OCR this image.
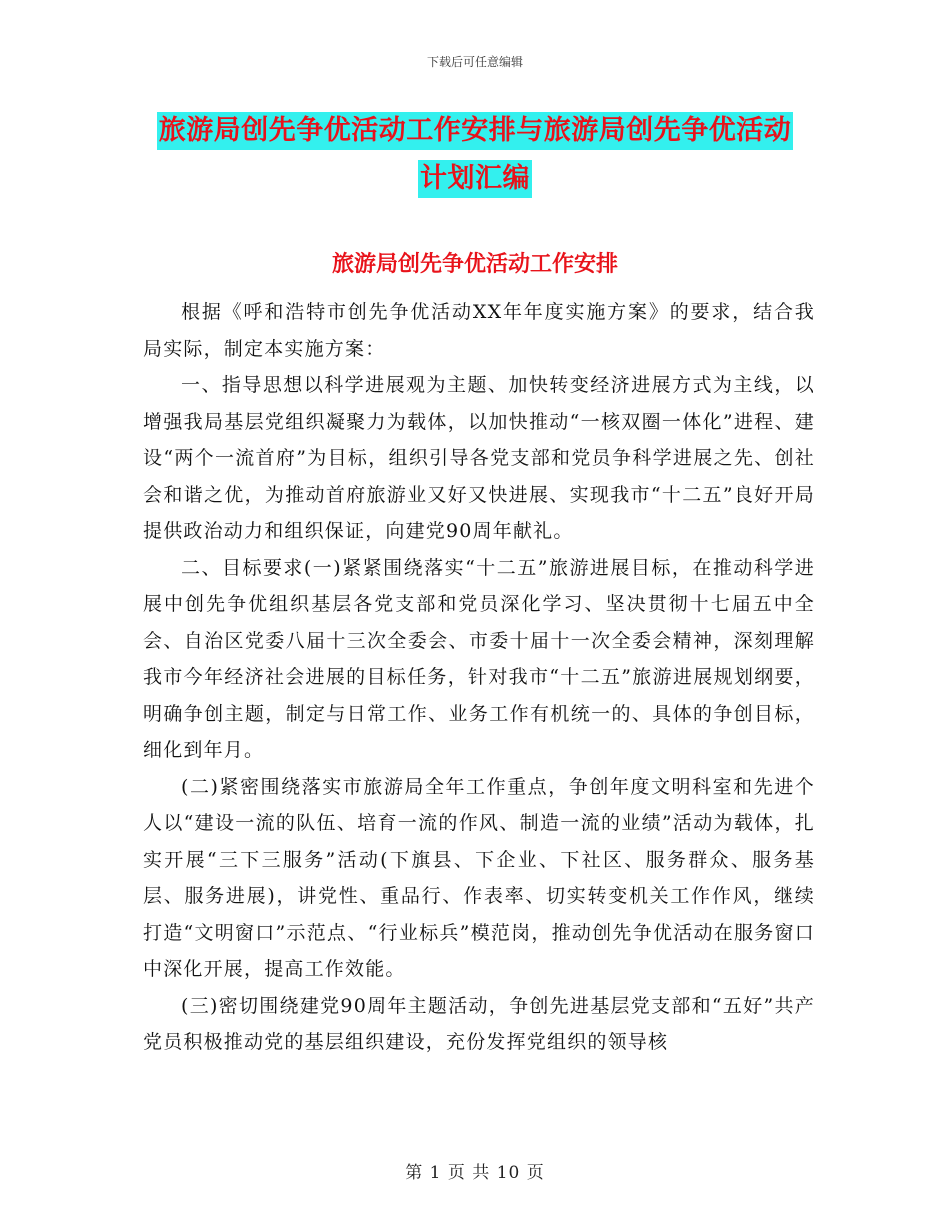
下载后可任意编辑
旅游局创先争优活动工作安排与旅游局创先争优活动
计划汇编
旅游局创先争优活动工作安排

根据《呼和浩特市创先争优活动XX年年度实施方案》的要求，结合我局实际，制定本实施方案：

一、指导思想以科学进展观为主题、加快转变经济进展方式为主线，以增强我局基层党组织凝聚力为载体，以加快推动“一核双圈一体化”进程、建设“两个一流首府”为目标，组织引导各党支部和党员争科学进展之先、创社会和谐之优，为推动首府旅游业又好又快进展、实现我市“十二五”良好开局提供政治动力和组织保证，向建党90周年献礼。

二、目标要求(一)紧紧围绕落实“十二五”旅游进展目标，在推动科学进展中创先争优组织基层各党支部和党员深化学习、坚决贯彻十七届五中全会、自治区党委八届十三次全委会、市委十届十一次全委会精神，深刻理解我市今年经济社会进展的目标任务，针对我市“十二五”旅游进展规划纲要，明确争创主题，制定与日常工作、业务工作有机统一的、具体的争创目标，细化到年月。

(二)紧密围绕落实市旅游局全年工作重点，争创年度文明科室和先进个人以“建设一流的队伍、培育一流的作风、制造一流的业绩”活动为载体，扎实开展“三下三服务”活动(下旗县、下企业、下社区、服务群众、服务基层、服务进展)，讲党性、重品行、作表率、切实转变机关工作作风，继续打造“文明窗口”示范点、“行业标兵”模范岗，推动创先争优活动在服务窗口中深化开展，提高工作效能。

(三)密切围绕建党90周年主题活动，争创先进基层党支部和“五好”共产党员积极推动党的基层组织建设，充份发挥党组织的领导核

第 1 页 共 10 页
